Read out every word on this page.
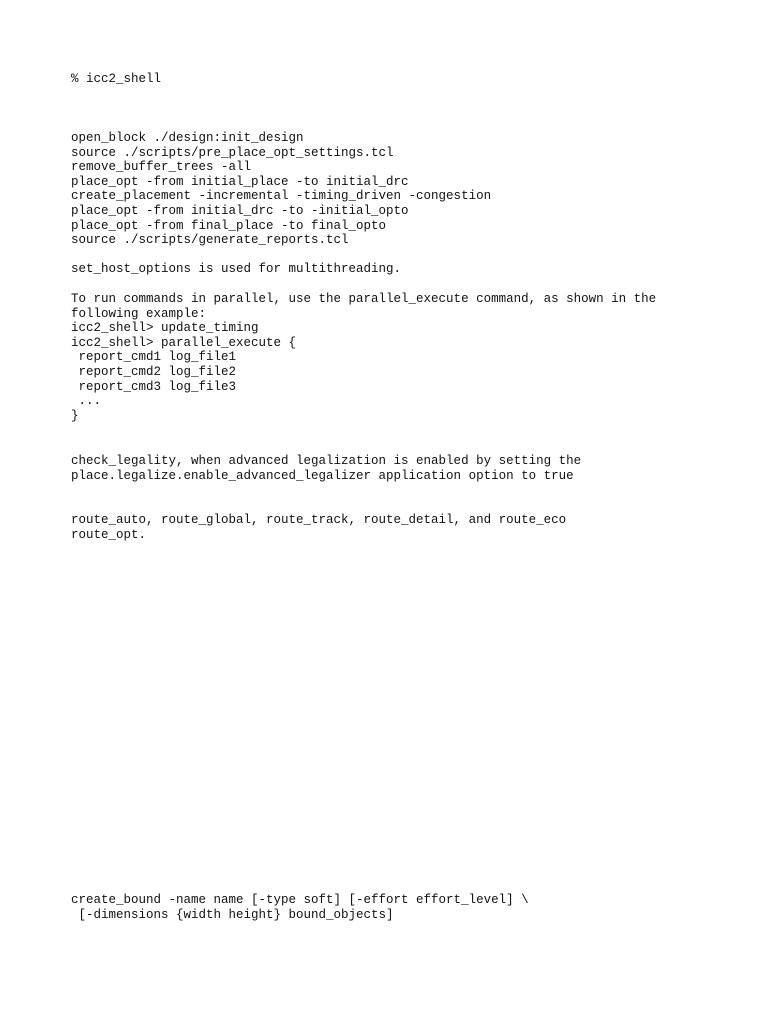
% icc2_shell
open_block ./design:init_design
source ./scripts/pre_place_opt_settings.tcl
remove_buffer_trees -all
place_opt -from initial_place -to initial_drc
create_placement -incremental -timing_driven -congestion
place_opt -from initial_drc -to -initial_opto
place_opt -from final_place -to final_opto
source ./scripts/generate_reports.tcl
set_host_options is used for multithreading.
To run commands in parallel, use the parallel_execute command, as shown in the
following example:
icc2_shell> update_timing
icc2_shell> parallel_execute {
report_cmd1 log_file1
report_cmd2 log_file2
report_cmd3 log_file3
...
}
check_legality, when advanced legalization is enabled by setting the
place.legalize.enable_advanced_legalizer application option to true
route_auto, route_global, route_track, route_detail, and route_eco
route_opt.
create_bound -name name [-type soft] [-effort effort_level] \
[-dimensions {width height} bound_objects]
